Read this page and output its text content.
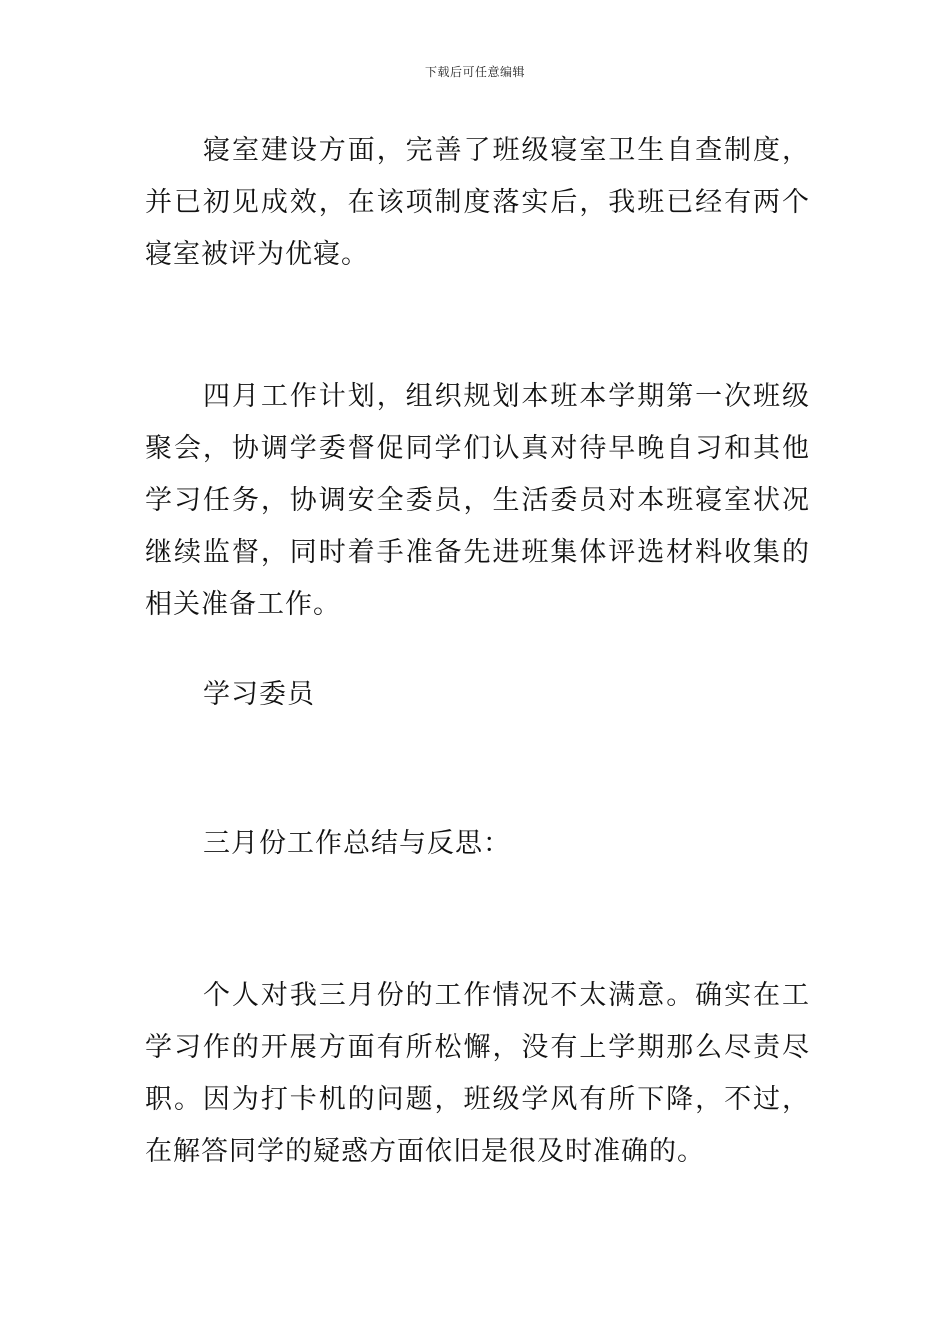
下载后可任意编辑

寝室建设方面，完善了班级寝室卫生自查制度，并已初见成效，在该项制度落实后，我班已经有两个寝室被评为优寝。

四月工作计划，组织规划本班本学期第一次班级聚会，协调学委督促同学们认真对待早晚自习和其他学习任务，协调安全委员，生活委员对本班寝室状况继续监督，同时着手准备先进班集体评选材料收集的相关准备工作。

学习委员

三月份工作总结与反思：

个人对我三月份的工作情况不太满意。确实在工学习作的开展方面有所松懈，没有上学期那么尽责尽职。因为打卡机的问题，班级学风有所下降，不过，在解答同学的疑惑方面依旧是很及时准确的。
